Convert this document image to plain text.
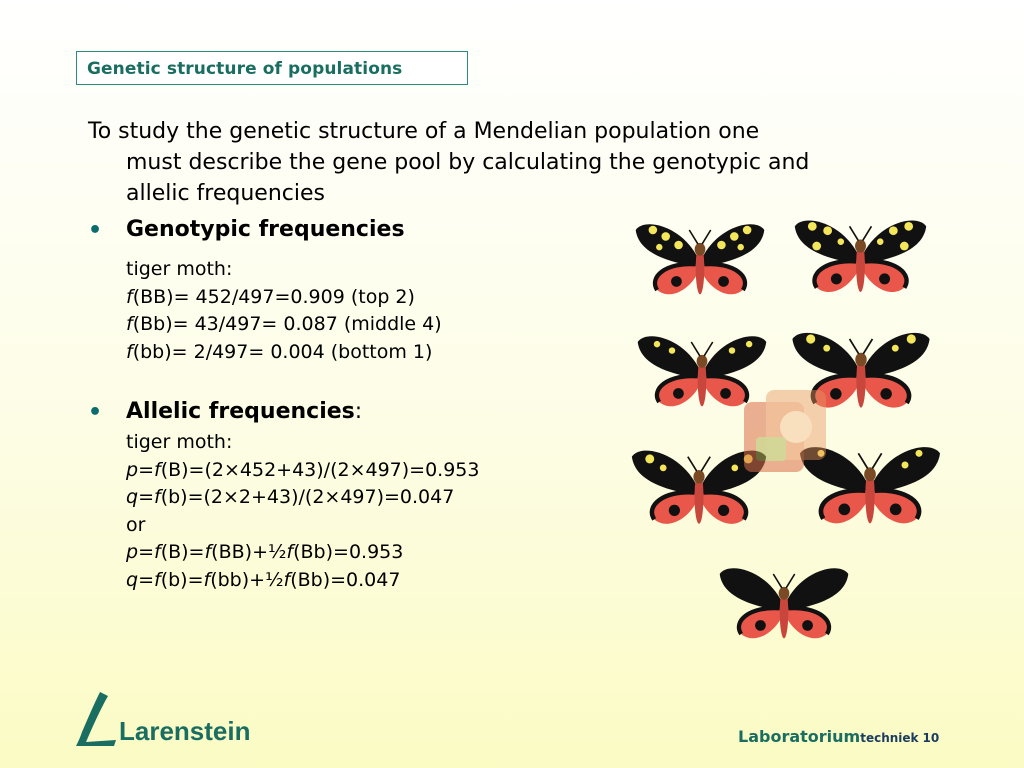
Genetic structure of populations
To study the genetic structure of a Mendelian population one
must describe the gene pool by calculating the genotypic and
allelic frequencies
• Genotypic frequencies
tiger moth:
f(BB)= 452/497=0.909 (top 2)
f(Bb)= 43/497= 0.087 (middle 4)
f(bb)= 2/497= 0.004 (bottom 1)
• Allelic frequencies:
tiger moth:
p=f(B)=(2×452+43)/(2×497)=0.953
q=f(b)=(2×2+43)/(2×497)=0.047
or
p=f(B)=f(BB)+½f(Bb)=0.953
q=f(b)=f(bb)+½f(Bb)=0.047
Larenstein	Laboratoriumtechniek 10
